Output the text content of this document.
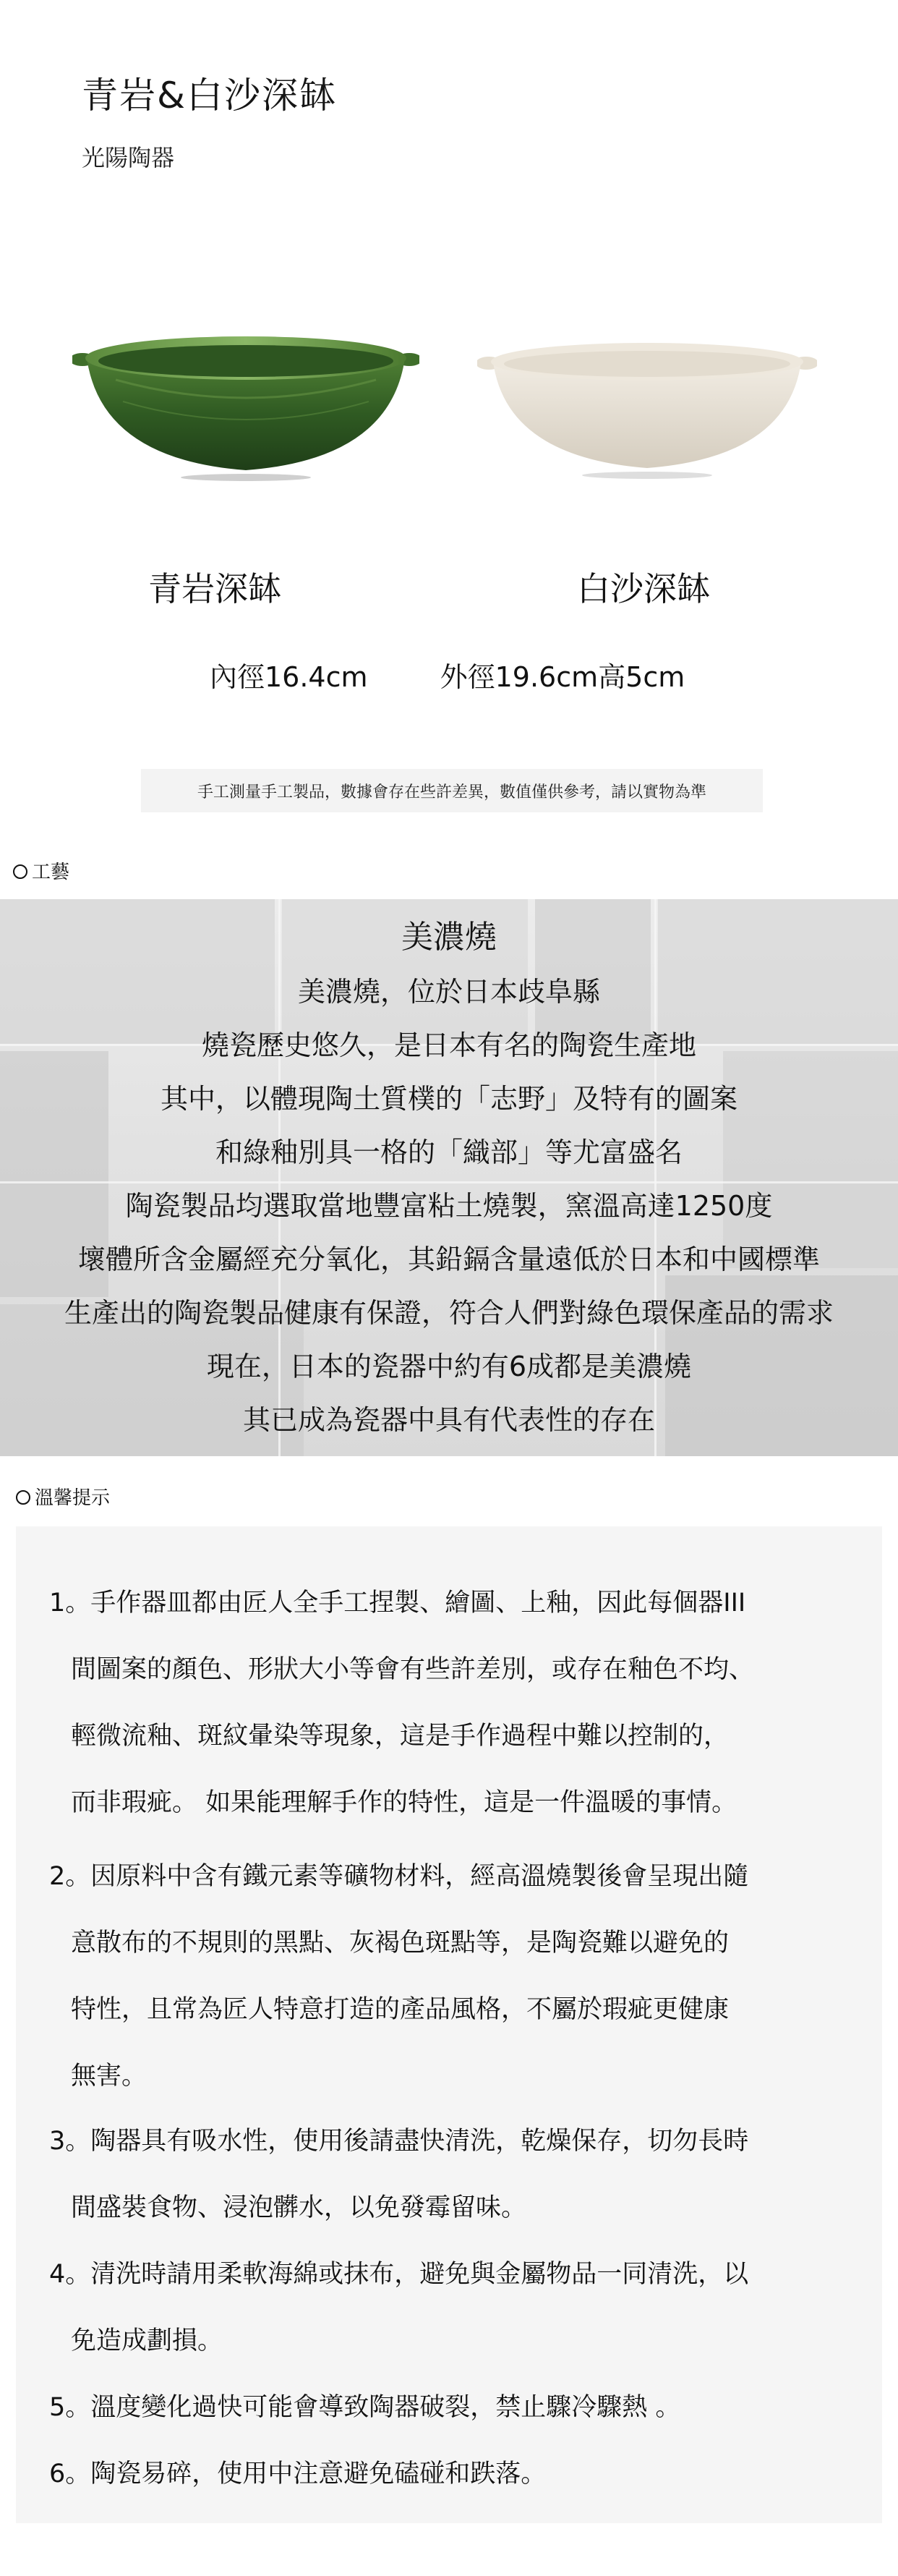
青岩&白沙深缽
光陽陶器
青岩深缽	白沙深缽
內徑16.4cm	外徑19.6cm高5cm
手工測量手工製品，數據會存在些許差異，數值僅供參考，請以實物為準
工藝
美濃燒
美濃燒，位於日本歧阜縣
燒瓷歷史悠久，是日本有名的陶瓷生產地
其中，以體現陶土質樸的「志野」及特有的圖案
和綠釉別具一格的「織部」等尤富盛名
陶瓷製品均選取當地豐富粘土燒製，窯溫高達1250度
壞體所含金屬經充分氧化，其鉛鎘含量遠低於日本和中國標準
生產出的陶瓷製品健康有保證，符合人們對綠色環保產品的需求
現在，日本的瓷器中約有6成都是美濃燒
其已成為瓷器中具有代表性的存在
溫馨提示
1。手作器皿都由匠人全手工捏製、繪圖、上釉，因此每個器III
間圖案的顏色、形狀大小等會有些許差別，或存在釉色不均、
輕微流釉、斑紋暈染等現象，這是手作過程中難以控制的，
而非瑕疵。 如果能理解手作的特性，這是一件溫暖的事情。
2。因原料中含有鐵元素等礦物材料，經高溫燒製後會呈現出隨
意散布的不規則的黑點、灰褐色斑點等，是陶瓷難以避免的
特性，且常為匠人特意打造的產品風格，不屬於瑕疵更健康
無害。
3。陶器具有吸水性，使用後請盡快清洗，乾燥保存，切勿長時
間盛裝食物、浸泡髒水，以免發霉留味。
4。清洗時請用柔軟海綿或抹布，避免與金屬物品一同清洗，以
免造成劃損。
5。溫度變化過快可能會導致陶器破裂，禁止驟冷驟熱 。
6。陶瓷易碎，使用中注意避免磕碰和跌落。
